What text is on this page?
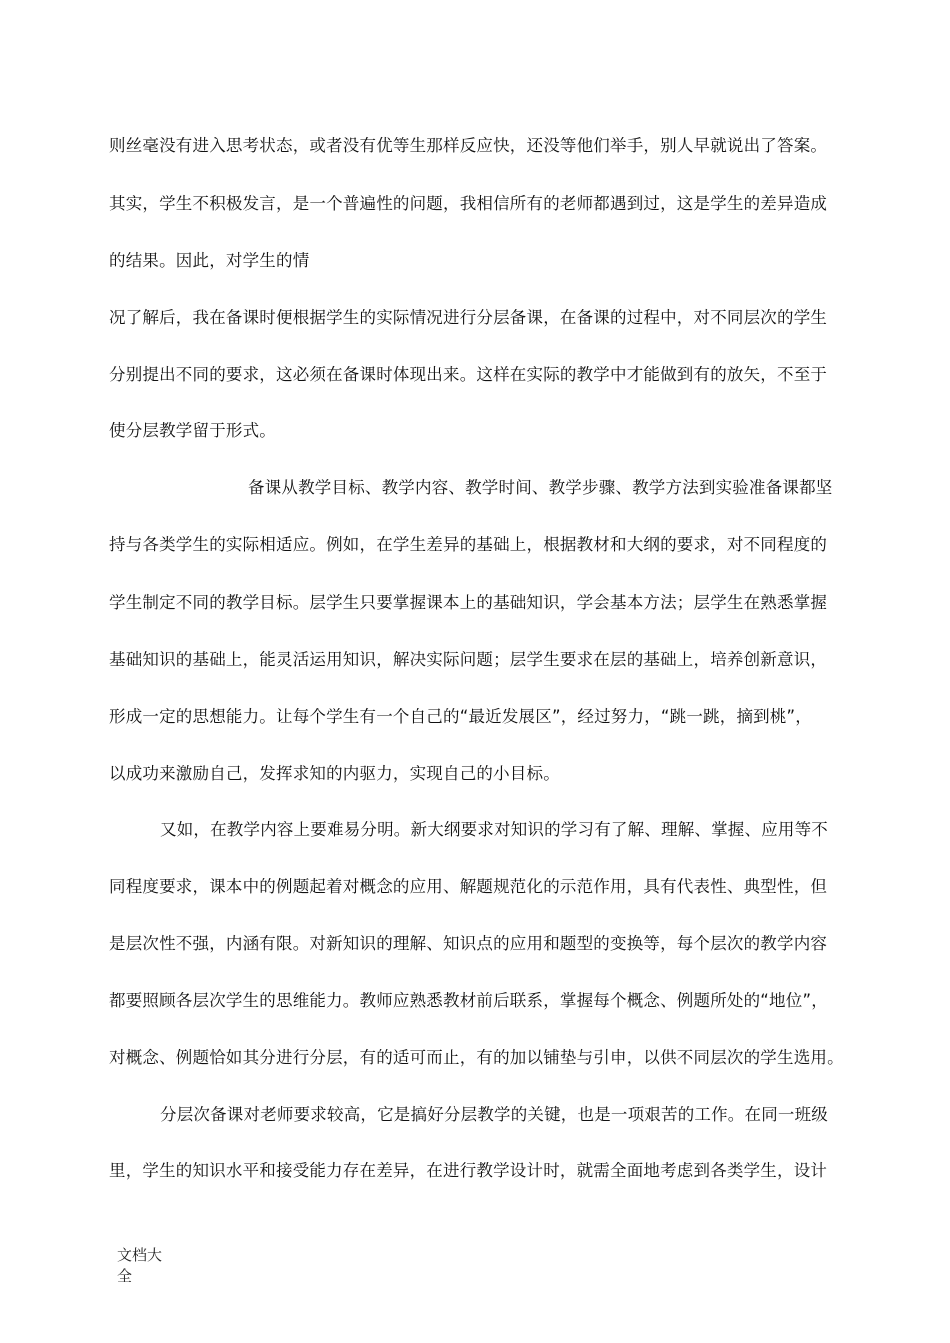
则丝毫没有进入思考状态，或者没有优等生那样反应快，还没等他们举手，别人早就说出了答案。
其实，学生不积极发言，是一个普遍性的问题，我相信所有的老师都遇到过，这是学生的差异造成
的结果。因此，对学生的情
况了解后，我在备课时便根据学生的实际情况进行分层备课，在备课的过程中，对不同层次的学生
分别提出不同的要求，这必须在备课时体现出来。这样在实际的教学中才能做到有的放矢，不至于
使分层教学留于形式。
备课从教学目标、教学内容、教学时间、教学步骤、教学方法到实验准备课都坚
持与各类学生的实际相适应。例如，在学生差异的基础上，根据教材和大纲的要求，对不同程度的
学生制定不同的教学目标。层学生只要掌握课本上的基础知识，学会基本方法；层学生在熟悉掌握
基础知识的基础上，能灵活运用知识，解决实际问题；层学生要求在层的基础上，培养创新意识，
形成一定的思想能力。让每个学生有一个自己的“最近发展区”，经过努力，“跳一跳，摘到桃”，
以成功来激励自己，发挥求知的内驱力，实现自己的小目标。
又如，在教学内容上要难易分明。新大纲要求对知识的学习有了解、理解、掌握、应用等不
同程度要求，课本中的例题起着对概念的应用、解题规范化的示范作用，具有代表性、典型性，但
是层次性不强，内涵有限。对新知识的理解、知识点的应用和题型的变换等，每个层次的教学内容
都要照顾各层次学生的思维能力。教师应熟悉教材前后联系，掌握每个概念、例题所处的“地位”，
对概念、例题恰如其分进行分层，有的适可而止，有的加以铺垫与引申，以供不同层次的学生选用。
分层次备课对老师要求较高，它是搞好分层教学的关键，也是一项艰苦的工作。在同一班级
里，学生的知识水平和接受能力存在差异，在进行教学设计时，就需全面地考虑到各类学生，设计
文档大
全
